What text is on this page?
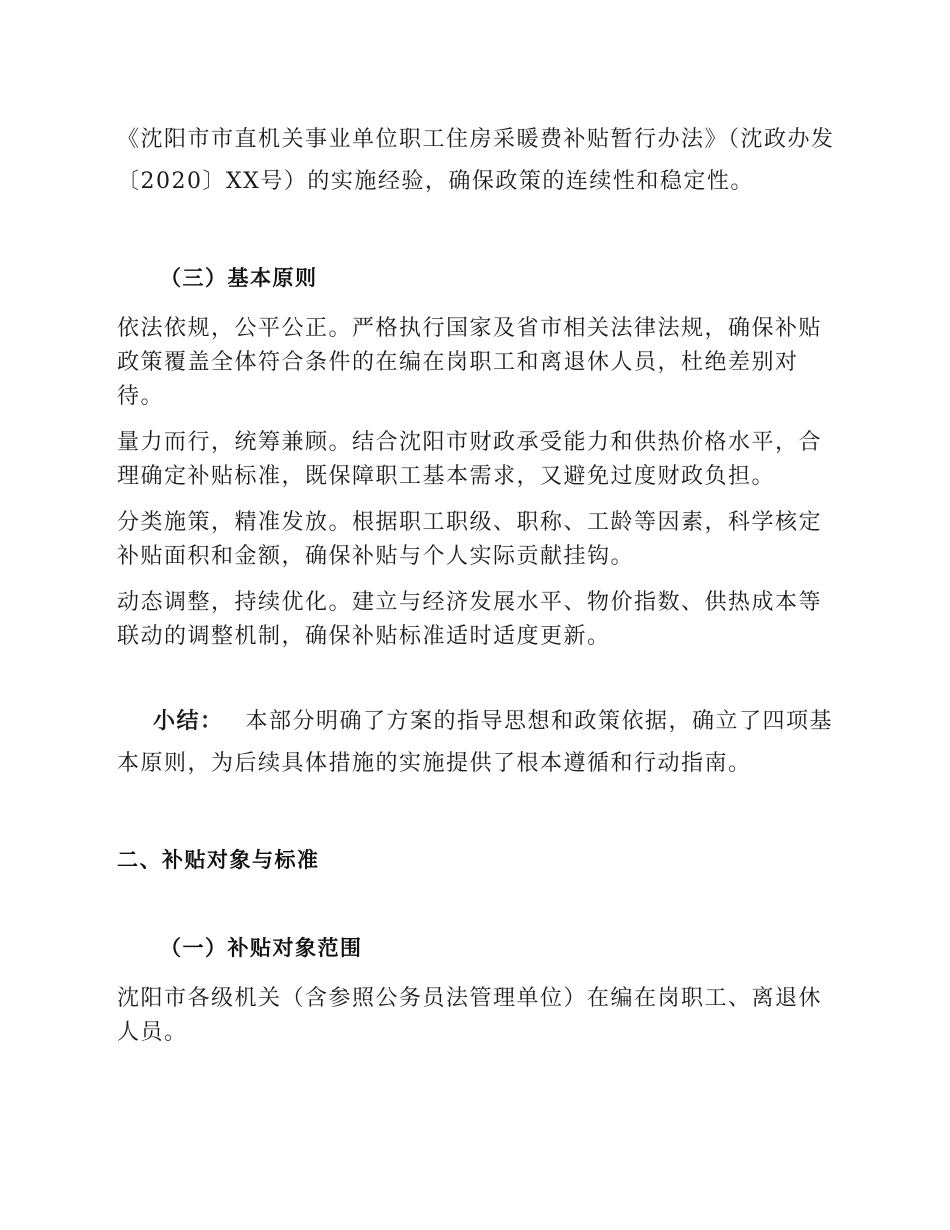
《沈阳市市直机关事业单位职工住房采暖费补贴暂行办法》（沈政办发〔2020〕XX号）的实施经验，确保政策的连续性和稳定性。

（三）基本原则

依法依规，公平公正。严格执行国家及省市相关法律法规，确保补贴政策覆盖全体符合条件的在编在岗职工和离退休人员，杜绝差别对待。

量力而行，统筹兼顾。结合沈阳市财政承受能力和供热价格水平，合理确定补贴标准，既保障职工基本需求，又避免过度财政负担。

分类施策，精准发放。根据职工职级、职称、工龄等因素，科学核定补贴面积和金额，确保补贴与个人实际贡献挂钩。

动态调整，持续优化。建立与经济发展水平、物价指数、供热成本等联动的调整机制，确保补贴标准适时适度更新。

小结： 本部分明确了方案的指导思想和政策依据，确立了四项基本原则，为后续具体措施的实施提供了根本遵循和行动指南。

二、补贴对象与标准
（一）补贴对象范围

沈阳市各级机关（含参照公务员法管理单位）在编在岗职工、离退休人员。
